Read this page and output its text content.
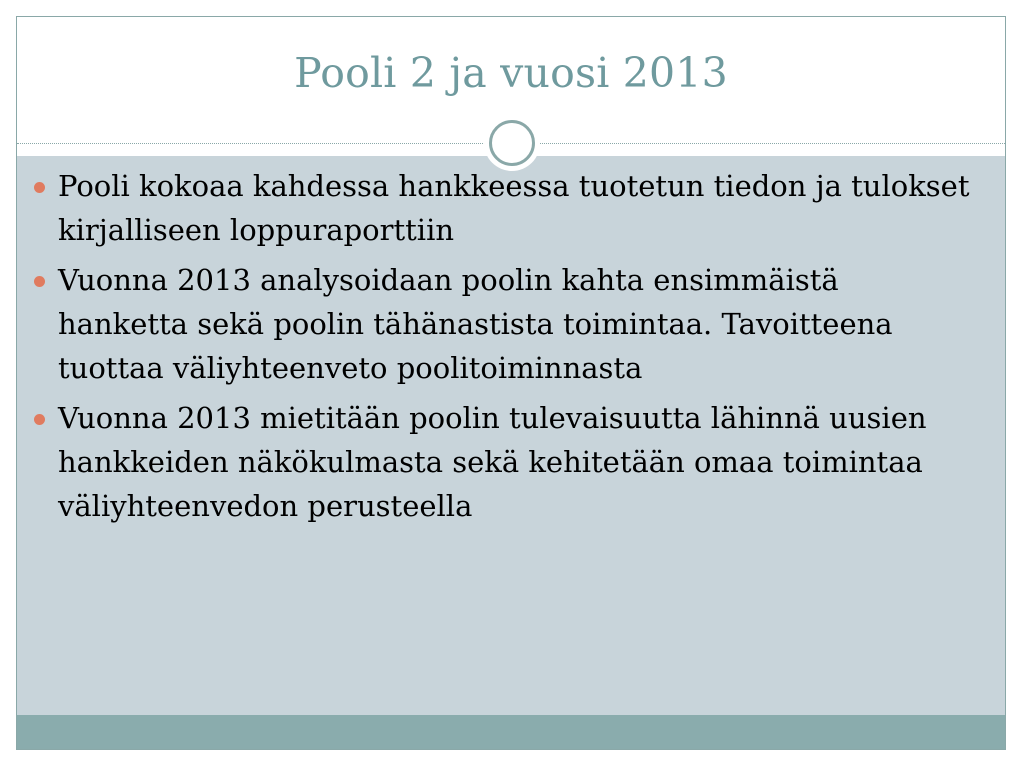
Pooli 2 ja vuosi 2013
Pooli kokoaa kahdessa hankkeessa tuotetun tiedon ja tulokset kirjalliseen loppuraporttiin
Vuonna 2013 analysoidaan poolin kahta ensimmäistä hanketta sekä poolin tähänastista toimintaa. Tavoitteena tuottaa väliyhteenveto poolitoiminnasta
Vuonna 2013 mietitään poolin tulevaisuutta lähinnä uusien hankkeiden näkökulmasta sekä kehitetään omaa toimintaa väliyhteenvedon perusteella
